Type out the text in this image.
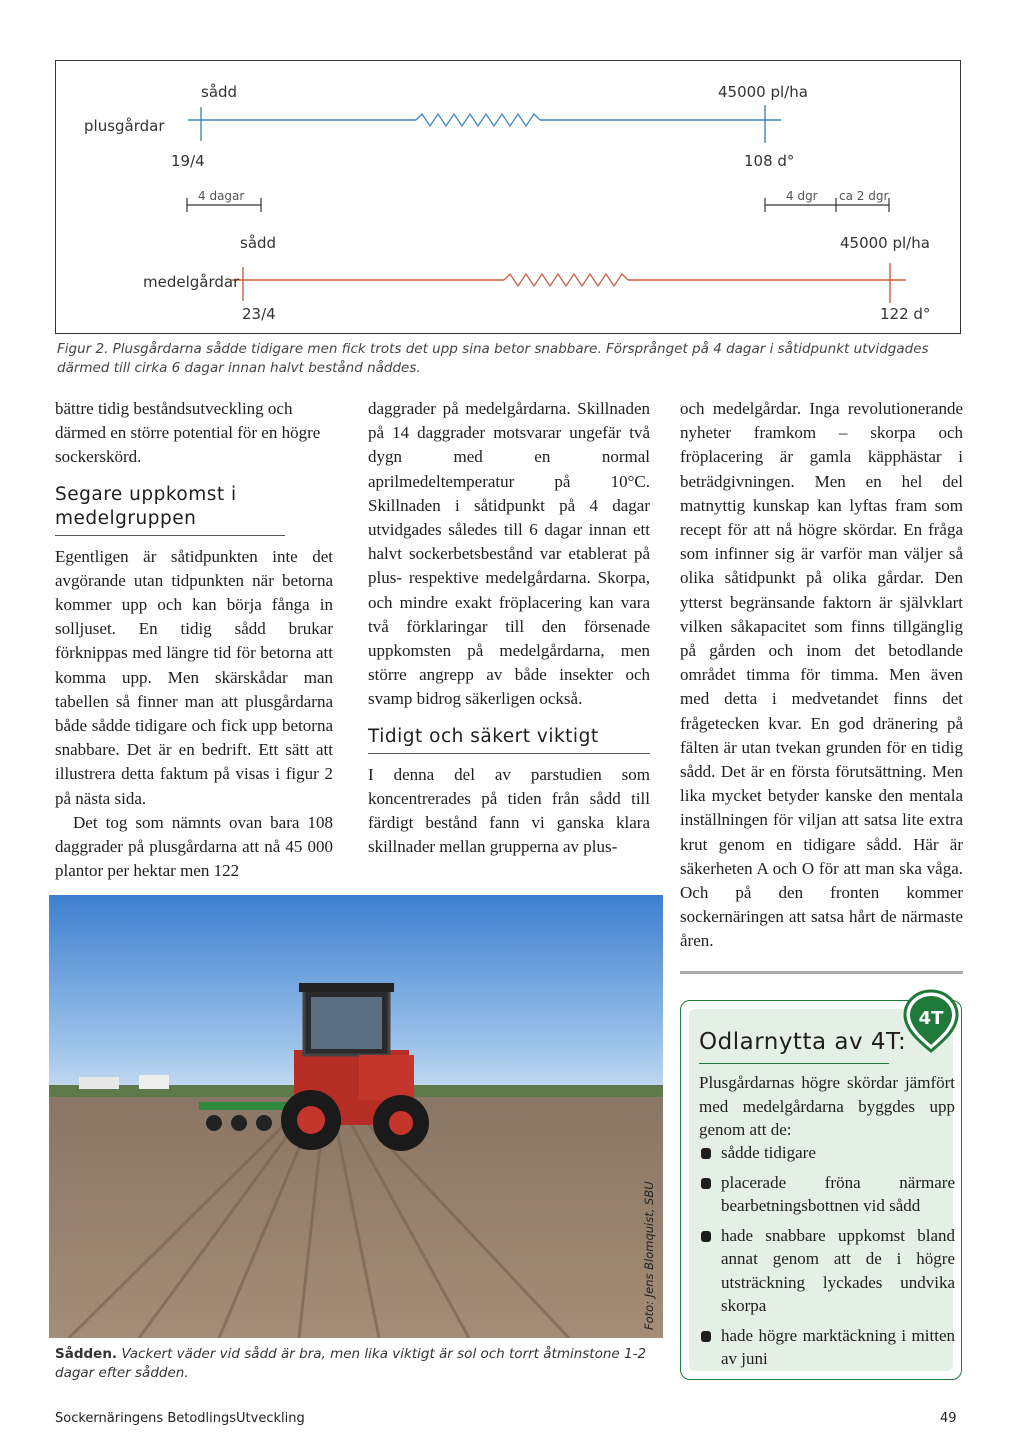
plusgårdar
sådd
19/4
45000 pl/ha
108 d°
4 dagar	4 dgr ca 2 dgr
sådd
medelgårdar
23/4
45000 pl/ha
122 d°
Figur 2. Plusgårdarna sådde tidigare men fick trots det upp sina betor snabbare. Försprånget på 4 dagar i såtidpunkt utvidgades därmed till cirka 6 dagar innan halvt bestånd nåddes.

bättre tidig beståndsutveckling och därmed en större potential för en högre sockerskörd.

Segare uppkomst i medelgruppen

Egentligen är såtidpunkten inte det avgörande utan tidpunkten när betorna kommer upp och kan börja fånga in solljuset. En tidig sådd brukar förknippas med längre tid för betorna att komma upp. Men skärskådar man tabellen så finner man att plusgårdarna både sådde tidigare och fick upp betorna snabbare. Det är en bedrift. Ett sätt att illustrera detta faktum på visas i figur 2 på nästa sida.

Det tog som nämnts ovan bara 108 daggrader på plusgårdarna att nå 45 000 plantor per hektar men 122

daggrader på medelgårdarna. Skillnaden på 14 daggrader motsvarar ungefär två dygn med en normal aprilmedeltemperatur på 10°C. Skillnaden i såtidpunkt på 4 dagar utvidgades således till 6 dagar innan ett halvt sockerbetsbestånd var etablerat på plus- respektive medelgårdarna. Skorpa, och mindre exakt fröplacering kan vara två förklaringar till den försenade uppkomsten på medelgårdarna, men större angrepp av både insekter och svamp bidrog säkerligen också.

Tidigt och säkert viktigt

I denna del av parstudien som koncentrerades på tiden från sådd till färdigt bestånd fann vi ganska klara skillnader mellan grupperna av plus-

och medelgårdar. Inga revolutionerande nyheter framkom – skorpa och fröplacering är gamla käpphästar i beträdgivningen. Men en hel del matnyttig kunskap kan lyftas fram som recept för att nå högre skördar. En fråga som infinner sig är varför man väljer så olika såtidpunkt på olika gårdar. Den ytterst begränsande faktorn är självklart vilken såkapacitet som finns tillgänglig på gården och inom det betodlande området timma för timma. Men även med detta i medvetandet finns det frågetecken kvar. En god dränering på fälten är utan tvekan grunden för en tidig sådd. Det är en första förutsättning. Men lika mycket betyder kanske den mentala inställningen för viljan att satsa lite extra krut genom en tidigare sådd. Här är säkerheten A och O för att man ska våga. Och på den fronten kommer sockernäringen att satsa hårt de närmaste åren.

Foto: Jens Blomquist, SBU
Sådden. Vackert väder vid sådd är bra, men lika viktigt är sol och torrt åtminstone 1-2 dagar efter sådden.
Odlarnytta av 4T:
Plusgårdarnas högre skördar jämfört med medelgårdarna byggdes upp genom att de:
sådde tidigare
placerade fröna närmare bearbetningsbottnen vid sådd
hade snabbare uppkomst bland annat genom att de i högre utsträckning lyckades undvika skorpa
hade högre marktäckning i mitten av juni
4T
Sockernäringens BetodlingsUtveckling	49
